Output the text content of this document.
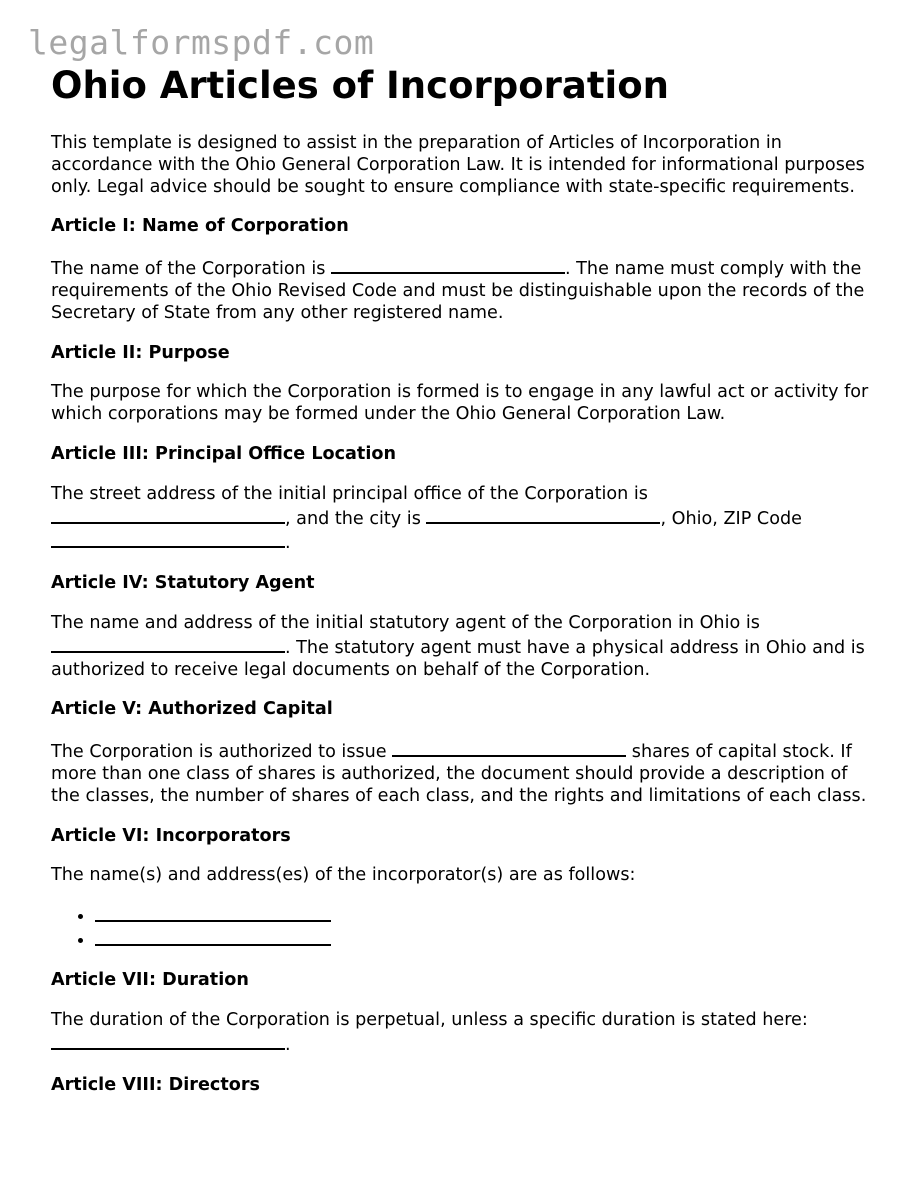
legalformspdf.com
Ohio Articles of Incorporation

This template is designed to assist in the preparation of Articles of Incorporation in accordance with the Ohio General Corporation Law. It is intended for informational purposes only. Legal advice should be sought to ensure compliance with state-specific requirements.

Article I: Name of Corporation

The name of the Corporation is	. The name must comply with the requirements of the Ohio Revised Code and must be distinguishable upon the records of the Secretary of State from any other registered name.

Article II: Purpose

The purpose for which the Corporation is formed is to engage in any lawful act or activity for which corporations may be formed under the Ohio General Corporation Law.

Article III: Principal Office Location

The street address of the initial principal office of the Corporation is , and the city is	, Ohio, ZIP Code .

Article IV: Statutory Agent

The name and address of the initial statutory agent of the Corporation in Ohio is . The statutory agent must have a physical address in Ohio and is authorized to receive legal documents on behalf of the Corporation.

Article V: Authorized Capital

The Corporation is authorized to issue	shares of capital stock. If more than one class of shares is authorized, the document should provide a description of the classes, the number of shares of each class, and the rights and limitations of each class.

Article VI: Incorporators

The name(s) and address(es) of the incorporator(s) are as follows:

•
•
Article VII: Duration

The duration of the Corporation is perpetual, unless a specific duration is stated here: .

Article VIII: Directors
